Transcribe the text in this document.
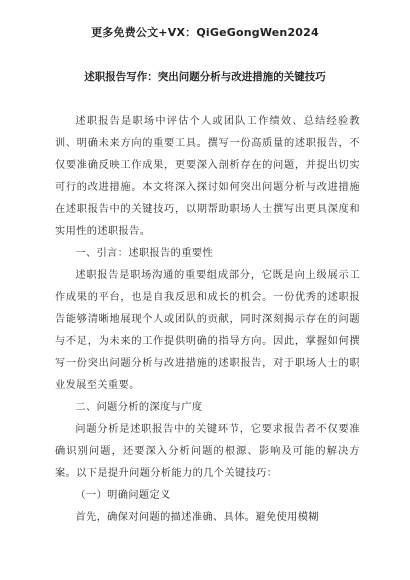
更多免费公文+VX：QiGeGongWen2024
述职报告写作：突出问题分析与改进措施的关键技巧

述职报告是职场中评估个人或团队工作绩效、总结经验教训、明确未来方向的重要工具。撰写一份高质量的述职报告，不仅要准确反映工作成果，更要深入剖析存在的问题，并提出切实可行的改进措施。本文将深入探讨如何突出问题分析与改进措施在述职报告中的关键技巧，以期帮助职场人士撰写出更具深度和实用性的述职报告。

一、引言：述职报告的重要性

述职报告是职场沟通的重要组成部分，它既是向上级展示工作成果的平台，也是自我反思和成长的机会。一份优秀的述职报告能够清晰地展现个人或团队的贡献，同时深刻揭示存在的问题与不足，为未来的工作提供明确的指导方向。因此，掌握如何撰写一份突出问题分析与改进措施的述职报告，对于职场人士的职业发展至关重要。

二、问题分析的深度与广度

问题分析是述职报告中的关键环节，它要求报告者不仅要准确识别问题，还要深入分析问题的根源、影响及可能的解决方案。以下是提升问题分析能力的几个关键技巧：

（一）明确问题定义

首先，确保对问题的描述准确、具体。避免使用模糊
